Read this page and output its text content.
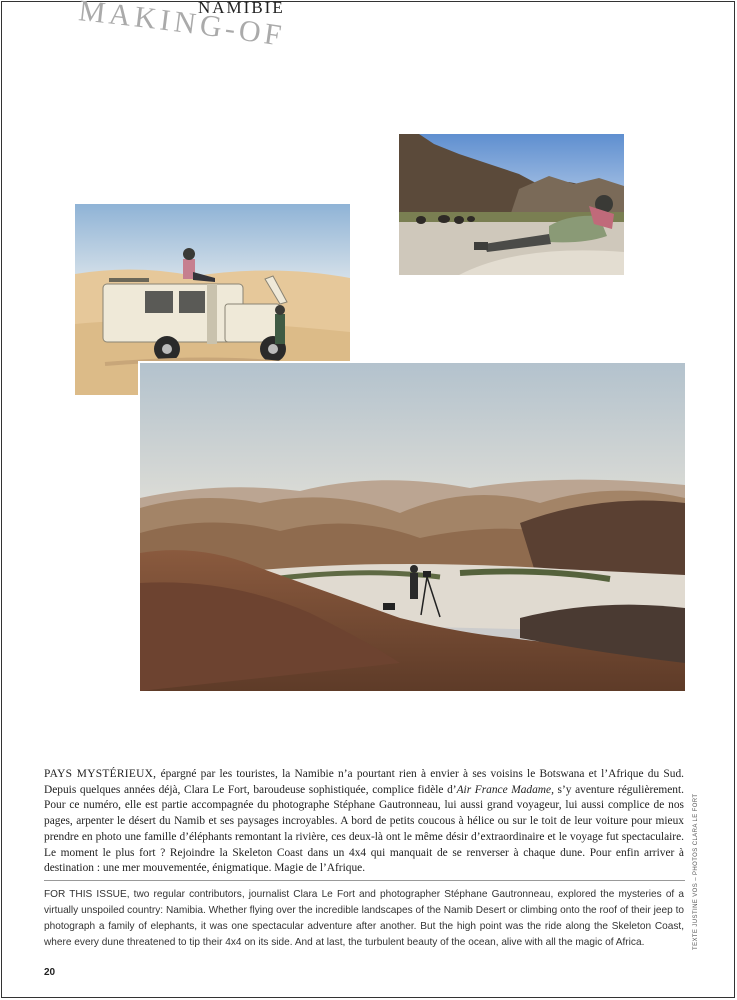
MAKING-OF
NAMIBIE
PAYS MYSTÉRIEUX, épargné par les touristes, la Namibie n’a pourtant rien à envier à ses voisins le Botswana et l’Afrique du Sud. Depuis quelques années déjà, Clara Le Fort, baroudeuse sophistiquée, complice fidèle d’Air France Madame, s’y aventure régulièrement. Pour ce numéro, elle est partie accompagnée du photographe Stéphane Gautronneau, lui aussi grand voyageur, lui aussi complice de nos pages, arpenter le désert du Namib et ses paysages incroyables. A bord de petits coucous à hélice ou sur le toit de leur voiture pour mieux prendre en photo une famille d’éléphants remontant la rivière, ces deux-là ont le même désir d’extraordinaire et le voyage fut spectaculaire. Le moment le plus fort ? Rejoindre la Skeleton Coast dans un 4x4 qui manquait de se renverser à chaque dune. Pour enfin arriver à destination : une mer mouvementée, énigmatique. Magie de l’Afrique.
FOR THIS ISSUE, two regular contributors, journalist Clara Le Fort and photographer Stéphane Gautronneau, explored the mysteries of a virtually unspoiled country: Namibia. Whether flying over the incredible landscapes of the Namib Desert or climbing onto the roof of their jeep to photograph a family of elephants, it was one spectacular adventure after another. But the high point was the ride along the Skeleton Coast, where every dune threatened to tip their 4x4 on its side. And at last, the turbulent beauty of the ocean, alive with all the magic of Africa.	TEXTE JUSTINE VOS – PHOTOS CLARA LE FORT
20
